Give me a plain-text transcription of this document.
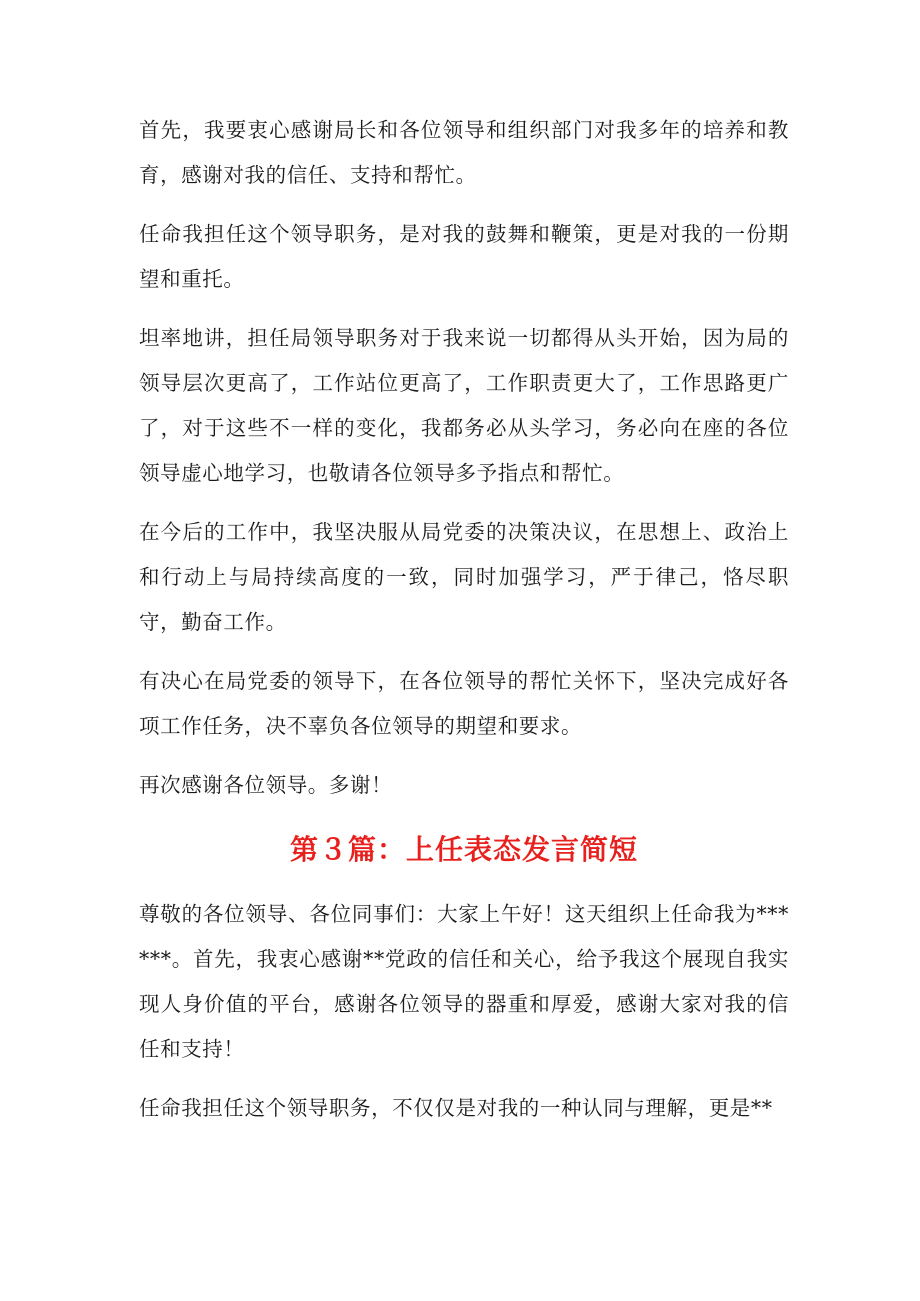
首先，我要衷心感谢局长和各位领导和组织部门对我多年的培养和教育，感谢对我的信任、支持和帮忙。

任命我担任这个领导职务，是对我的鼓舞和鞭策，更是对我的一份期望和重托。

坦率地讲，担任局领导职务对于我来说一切都得从头开始，因为局的领导层次更高了，工作站位更高了，工作职责更大了，工作思路更广了，对于这些不一样的变化，我都务必从头学习，务必向在座的各位领导虚心地学习，也敬请各位领导多予指点和帮忙。

在今后的工作中，我坚决服从局党委的决策决议，在思想上、政治上和行动上与局持续高度的一致，同时加强学习，严于律己，恪尽职守，勤奋工作。

有决心在局党委的领导下，在各位领导的帮忙关怀下，坚决完成好各项工作任务，决不辜负各位领导的期望和要求。

再次感谢各位领导。多谢！

第３篇：上任表态发言简短

尊敬的各位领导、各位同事们：大家上午好！这天组织上任命我为******。首先，我衷心感谢**党政的信任和关心，给予我这个展现自我实现人身价值的平台，感谢各位领导的器重和厚爱，感谢大家对我的信任和支持！

任命我担任这个领导职务，不仅仅是对我的一种认同与理解，更是**
